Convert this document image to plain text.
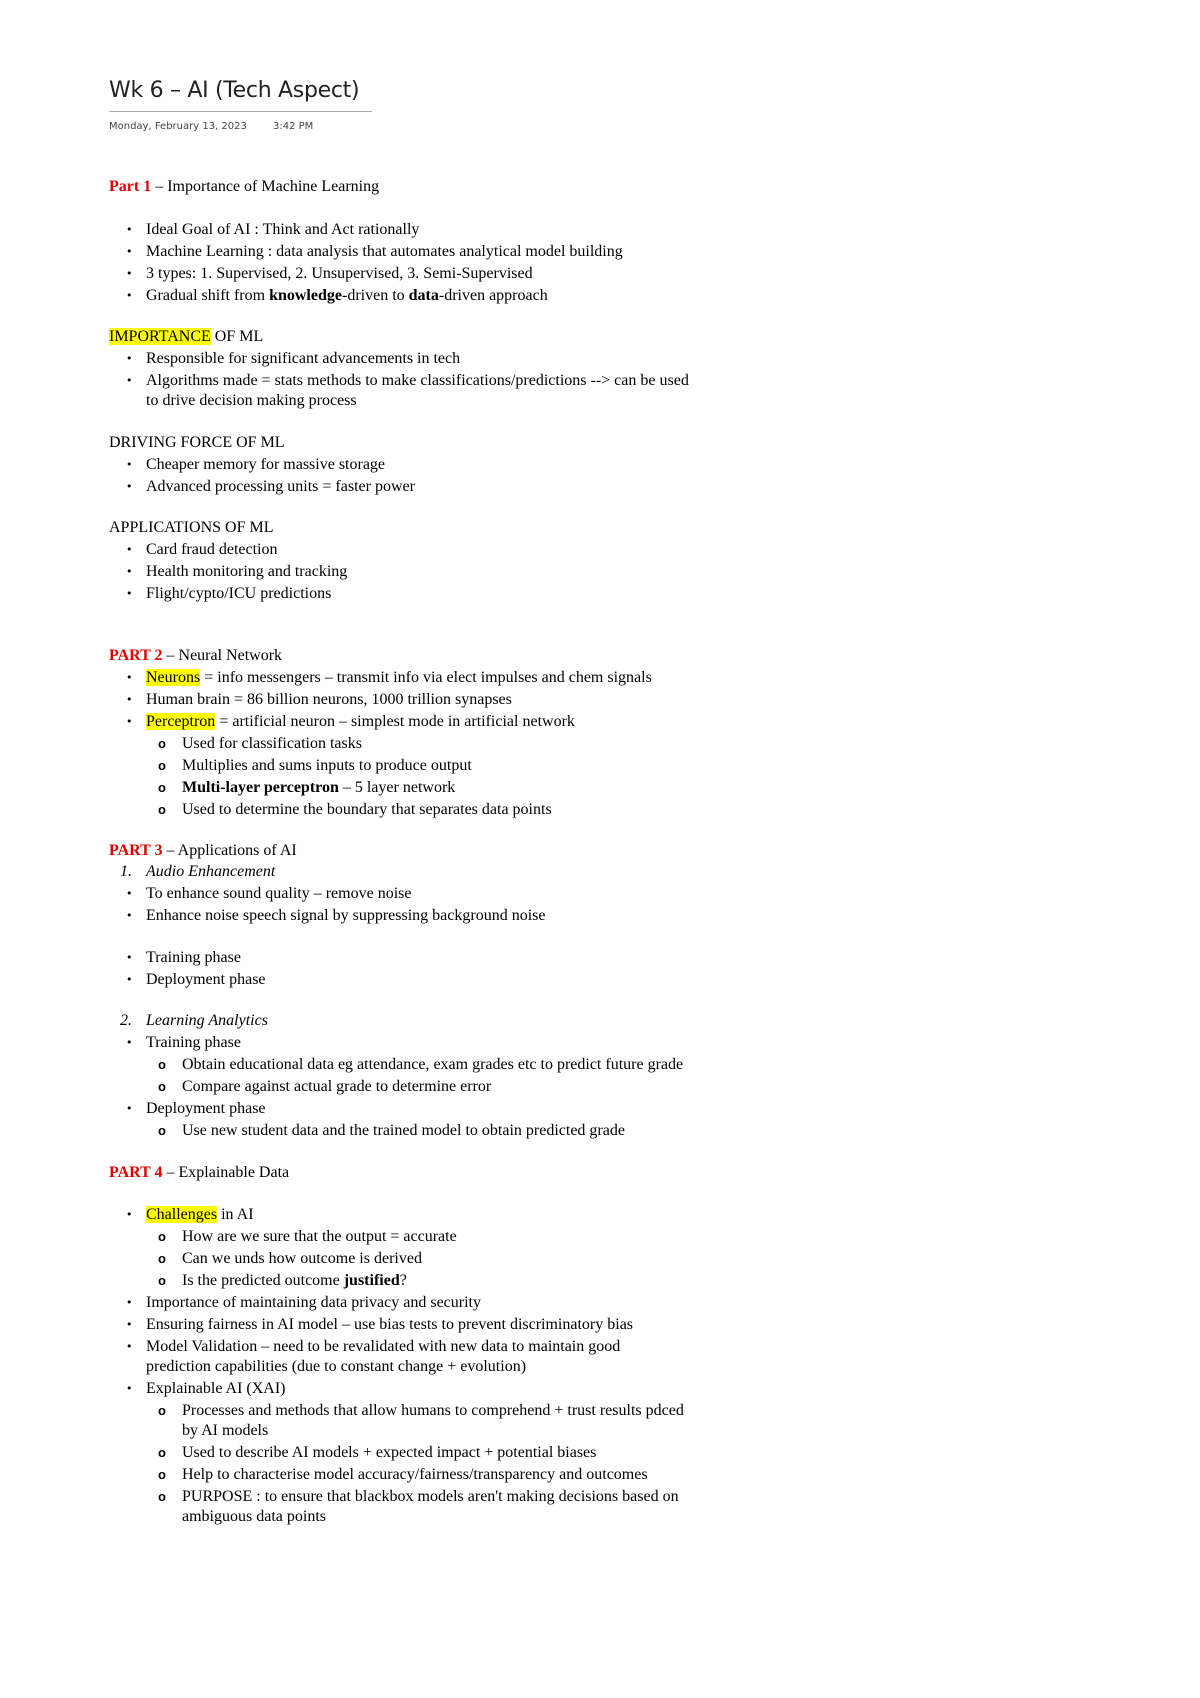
Wk 6 – AI (Tech Aspect)
Monday, February 13, 2023	3:42 PM
Part 1 – Importance of Machine Learning
• Ideal Goal of AI : Think and Act rationally
• Machine Learning : data analysis that automates analytical model building
• 3 types: 1. Supervised, 2. Unsupervised, 3. Semi-Supervised
• Gradual shift from knowledge-driven to data-driven approach
IMPORTANCE OF ML
• Responsible for significant advancements in tech
• Algorithms made = stats methods to make classifications/predictions --> can be used
to drive decision making process
DRIVING FORCE OF ML
• Cheaper memory for massive storage
• Advanced processing units = faster power
APPLICATIONS OF ML
• Card fraud detection
• Health monitoring and tracking
• Flight/cypto/ICU predictions
PART 2 – Neural Network
• Neurons = info messengers – transmit info via elect impulses and chem signals
• Human brain = 86 billion neurons, 1000 trillion synapses
• Perceptron = artificial neuron – simplest mode in artificial network
o Used for classification tasks
o Multiplies and sums inputs to produce output
o Multi-layer perceptron – 5 layer network
o Used to determine the boundary that separates data points
PART 3 – Applications of AI
1. Audio Enhancement
• To enhance sound quality – remove noise
• Enhance noise speech signal by suppressing background noise
• Training phase
• Deployment phase
2. Learning Analytics
• Training phase
o Obtain educational data eg attendance, exam grades etc to predict future grade
o Compare against actual grade to determine error
• Deployment phase
o Use new student data and the trained model to obtain predicted grade
PART 4 – Explainable Data
• Challenges in AI
o How are we sure that the output = accurate
o Can we unds how outcome is derived
o Is the predicted outcome justified?
• Importance of maintaining data privacy and security
• Ensuring fairness in AI model – use bias tests to prevent discriminatory bias
• Model Validation – need to be revalidated with new data to maintain good
prediction capabilities (due to constant change + evolution)
• Explainable AI (XAI)
o Processes and methods that allow humans to comprehend + trust results pdced
by AI models
o Used to describe AI models + expected impact + potential biases
o Help to characterise model accuracy/fairness/transparency and outcomes
o PURPOSE : to ensure that blackbox models aren't making decisions based on
ambiguous data points
